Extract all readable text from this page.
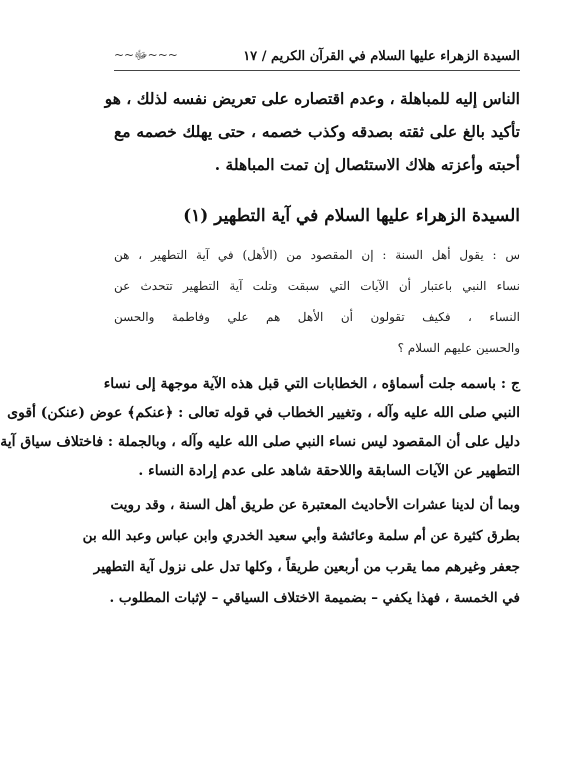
السيدة الزهراء عليها السلام في القرآن الكريم / ١٧
~~~ﷻ~~
الناس إليه للمباهلة ، وعدم اقتصاره على تعريض نفسه لذلك ، هو
تأكيد بالغ على ثقته بصدقه وكذب خصمه ، حتى يهلك خصمه مع
أحبته وأعزته هلاك الاستئصال إن تمت المباهلة .
السيدة الزهراء عليها السلام في آية التطهير (١)
س : يقول أهل السنة : إن المقصود من (الأهل) في آية التطهير ، هن
نساء النبي باعتبار أن الآيات التي سبقت وتلت آية التطهير تتحدث عن
النساء ، فكيف تقولون أن الأهل هم علي وفاطمة والحسن
والحسين عليهم السلام ؟
ج : باسمه جلت أسماؤه ، الخطابات التي قبل هذه الآية موجهة إلى نساء
النبي صلى الله عليه وآله ، وتغيير الخطاب في قوله تعالى : ﴿عنكم﴾ عوض (عنكن) أقوى
دليل على أن المقصود ليس نساء النبي صلى الله عليه وآله ، وبالجملة : فاختلاف سياق آية
التطهير عن الآيات السابقة واللاحقة شاهد على عدم إرادة النساء .
وبما أن لدينا عشرات الأحاديث المعتبرة عن طريق أهل السنة ، وقد رويت
بطرق كثيرة عن أم سلمة وعائشة وأبي سعيد الخدري وابن عباس وعبد الله بن
جعفر وغيرهم مما يقرب من أربعين طريقاً ، وكلها تدل على نزول آية التطهير
في الخمسة ، فهذا يكفي – بضميمة الاختلاف السياقي – لإثبات المطلوب .
